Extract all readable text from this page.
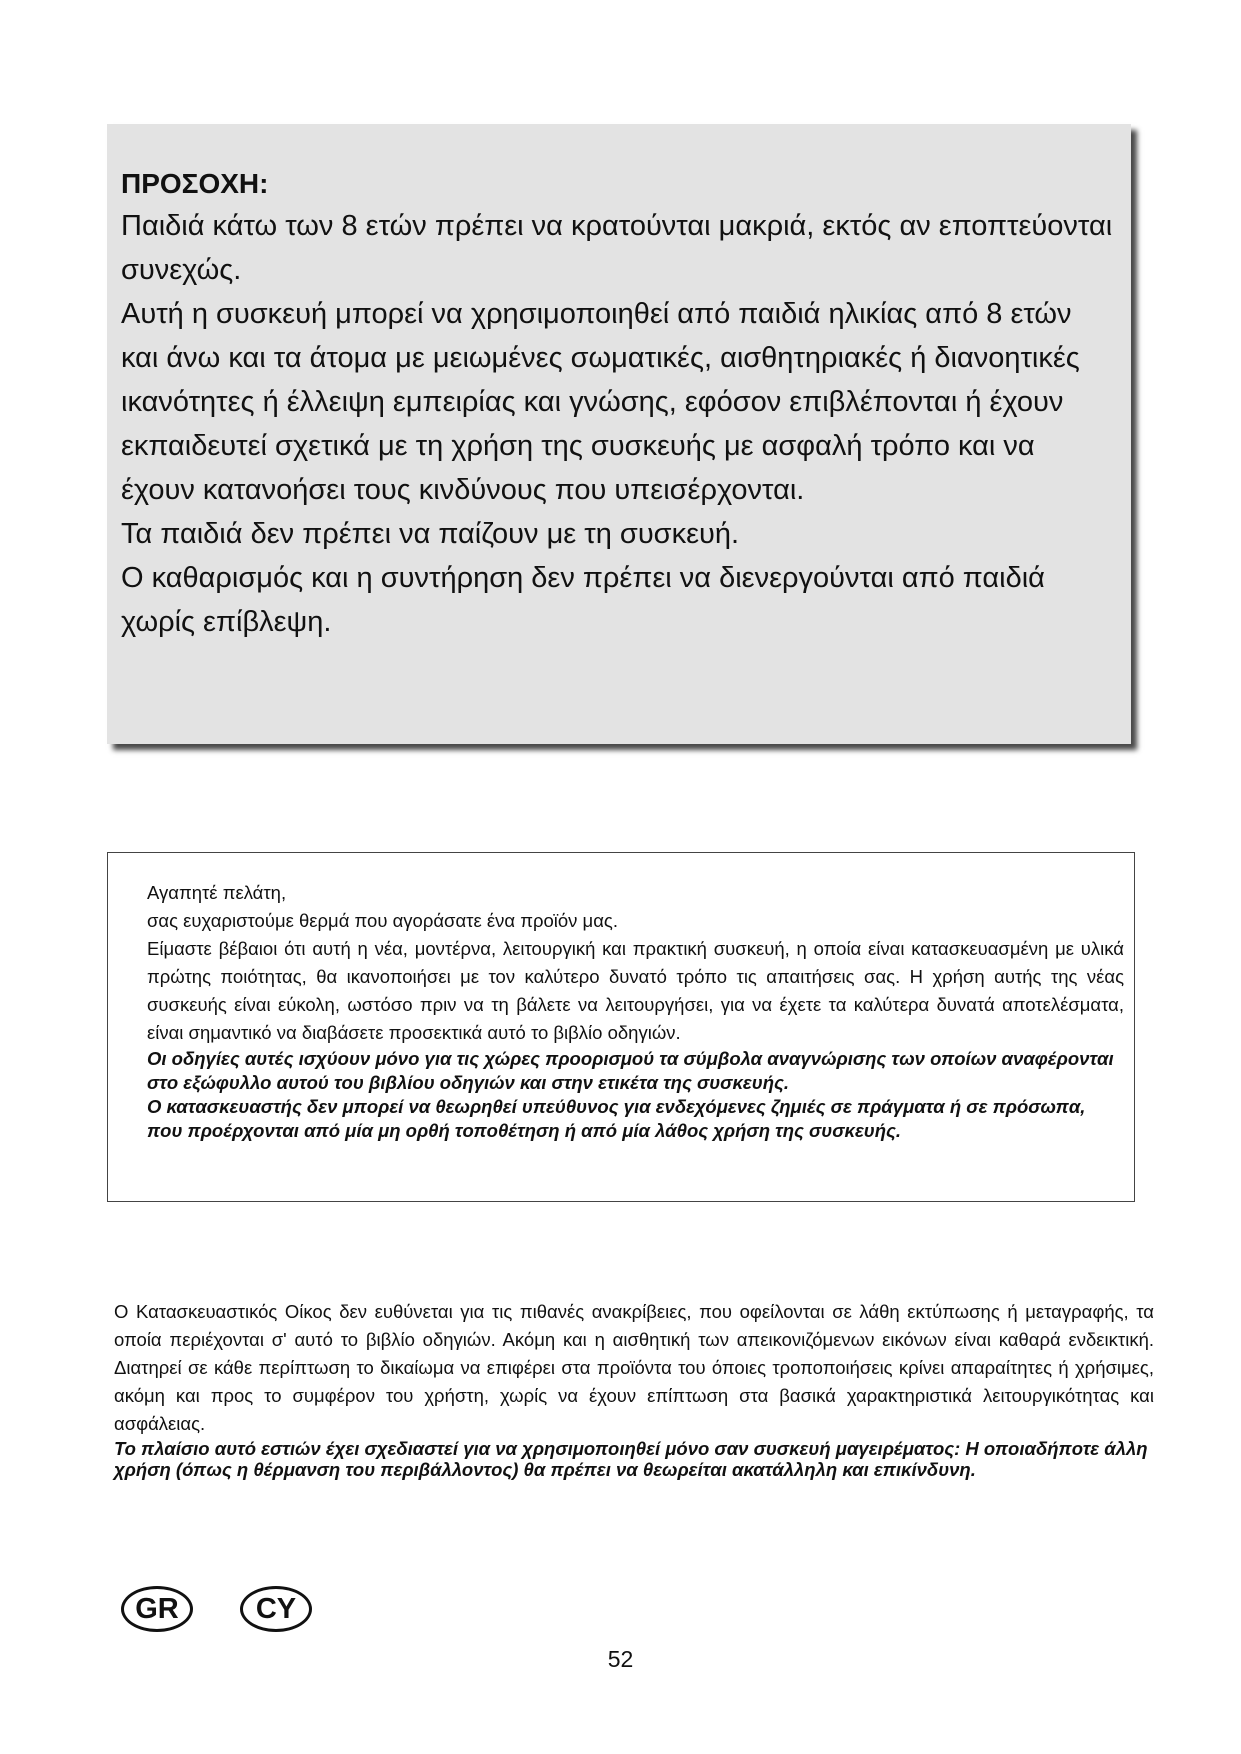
ΠΡΟΣΟΧΗ:

Παιδιά κάτω των 8 ετών πρέπει να κρατούνται μακριά, εκτός αν εποπτεύονται συνεχώς.

Αυτή η συσκευή μπορεί να χρησιμοποιηθεί από παιδιά ηλικίας από 8 ετών και άνω και τα άτομα με μειωμένες σωματικές, αισθητηριακές ή διανοητικές ικανότητες ή έλλειψη εμπειρίας και γνώσης, εφόσον επιβλέπονται ή έχουν εκπαιδευτεί σχετικά με τη χρήση της συσκευής με ασφαλή τρόπο και να έχουν κατανοήσει τους κινδύνους που υπεισέρχονται.

Τα παιδιά δεν πρέπει να παίζουν με τη συσκευή.

Ο καθαρισμός και η συντήρηση δεν πρέπει να διενεργούνται από παιδιά χωρίς επίβλεψη.

Αγαπητέ πελάτη,

σας ευχαριστούμε θερμά που αγοράσατε ένα προϊόν μας.

Είμαστε βέβαιοι ότι αυτή η νέα, μοντέρνα, λειτουργική και πρακτική συσκευή, η οποία είναι κατασκευασμένη με υλικά πρώτης ποιότητας, θα ικανοποιήσει με τον καλύτερο δυνατό τρόπο τις απαιτήσεις σας. Η χρήση αυτής της νέας συσκευής είναι εύκολη, ωστόσο πριν να τη βάλετε να λειτουργήσει, για να έχετε τα καλύτερα δυνατά αποτελέσματα, είναι σημαντικό να διαβάσετε προσεκτικά αυτό το βιβλίο οδηγιών.

Οι οδηγίες αυτές ισχύουν μόνο για τις χώρες προορισμού τα σύμβολα αναγνώρισης των οποίων αναφέρονται στο εξώφυλλο αυτού του βιβλίου οδηγιών και στην ετικέτα της συσκευής.

Ο κατασκευαστής δεν μπορεί να θεωρηθεί υπεύθυνος για ενδεχόμενες ζημιές σε πράγματα ή σε πρόσωπα, που προέρχονται από μία μη ορθή τοποθέτηση ή από μία λάθος χρήση της συσκευής.

Ο Κατασκευαστικός Οίκος δεν ευθύνεται για τις πιθανές ανακρίβειες, που οφείλονται σε λάθη εκτύπωσης ή μεταγραφής, τα οποία περιέχονται σ' αυτό το βιβλίο οδηγιών. Ακόμη και η αισθητική των απεικονιζόμενων εικόνων είναι καθαρά ενδεικτική. Διατηρεί σε κάθε περίπτωση το δικαίωμα να επιφέρει στα προϊόντα του όποιες τροποποιήσεις κρίνει απαραίτητες ή χρήσιμες, ακόμη και προς το συμφέρον του χρήστη, χωρίς να έχουν επίπτωση στα βασικά χαρακτηριστικά λειτουργικότητας και ασφάλειας.

Το πλαίσιο αυτό εστιών έχει σχεδιαστεί για να χρησιμοποιηθεί μόνο σαν συσκευή μαγειρέματος: Η οποιαδήποτε άλλη χρήση (όπως η θέρμανση του περιβάλλοντος) θα πρέπει να θεωρείται ακατάλληλη και επικίνδυνη.

GR	CY
52
